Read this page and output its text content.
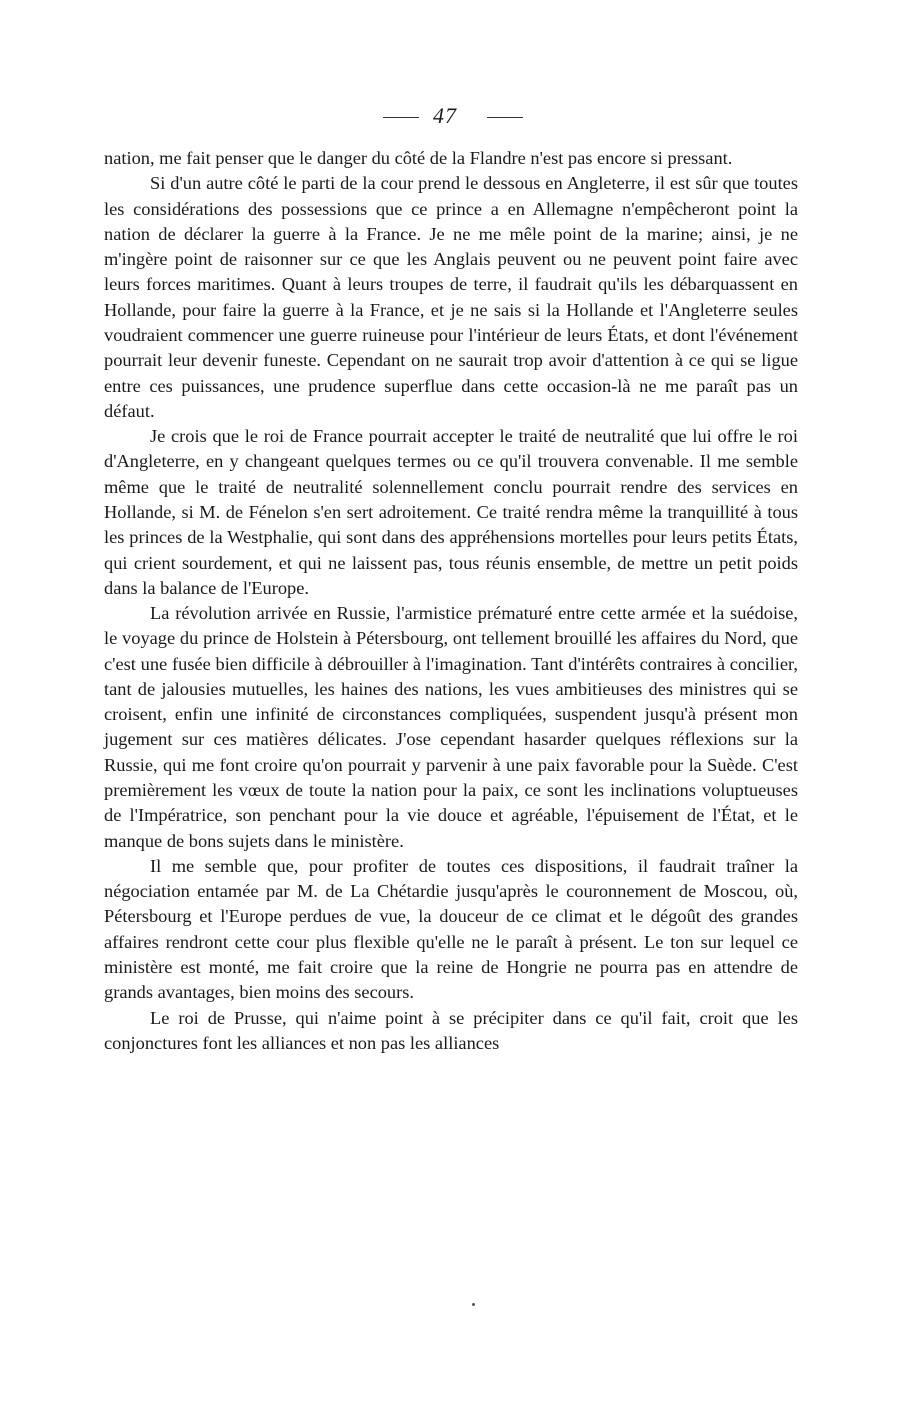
47

nation, me fait penser que le danger du côté de la Flandre n'est pas encore si pressant.

Si d'un autre côté le parti de la cour prend le dessous en Angleterre, il est sûr que toutes les considérations des possessions que ce prince a en Allemagne n'empêcheront point la nation de déclarer la guerre à la France. Je ne me mêle point de la marine; ainsi, je ne m'ingère point de raisonner sur ce que les Anglais peuvent ou ne peuvent point faire avec leurs forces maritimes. Quant à leurs troupes de terre, il faudrait qu'ils les débarquassent en Hollande, pour faire la guerre à la France, et je ne sais si la Hollande et l'Angleterre seules voudraient commencer une guerre ruineuse pour l'intérieur de leurs États, et dont l'événement pourrait leur devenir funeste. Cependant on ne saurait trop avoir d'attention à ce qui se ligue entre ces puissances, une prudence superflue dans cette occasion-là ne me paraît pas un défaut.

Je crois que le roi de France pourrait accepter le traité de neutralité que lui offre le roi d'Angleterre, en y changeant quelques termes ou ce qu'il trouvera convenable. Il me semble même que le traité de neutralité solennellement conclu pourrait rendre des services en Hollande, si M. de Fénelon s'en sert adroitement. Ce traité rendra même la tranquillité à tous les princes de la Westphalie, qui sont dans des appréhensions mortelles pour leurs petits États, qui crient sourdement, et qui ne laissent pas, tous réunis ensemble, de mettre un petit poids dans la balance de l'Europe.

La révolution arrivée en Russie, l'armistice prématuré entre cette armée et la suédoise, le voyage du prince de Holstein à Pétersbourg, ont tellement brouillé les affaires du Nord, que c'est une fusée bien difficile à débrouiller à l'imagination. Tant d'intérêts contraires à concilier, tant de jalousies mutuelles, les haines des nations, les vues ambitieuses des ministres qui se croisent, enfin une infinité de circonstances compliquées, suspendent jusqu'à présent mon jugement sur ces matières délicates. J'ose cependant hasarder quelques réflexions sur la Russie, qui me font croire qu'on pourrait y parvenir à une paix favorable pour la Suède. C'est premièrement les vœux de toute la nation pour la paix, ce sont les inclinations voluptueuses de l'Impératrice, son penchant pour la vie douce et agréable, l'épuisement de l'État, et le manque de bons sujets dans le ministère.

Il me semble que, pour profiter de toutes ces dispositions, il faudrait traîner la négociation entamée par M. de La Chétardie jusqu'après le couronnement de Moscou, où, Pétersbourg et l'Europe perdues de vue, la douceur de ce climat et le dégoût des grandes affaires rendront cette cour plus flexible qu'elle ne le paraît à présent. Le ton sur lequel ce ministère est monté, me fait croire que la reine de Hongrie ne pourra pas en attendre de grands avantages, bien moins des secours.

Le roi de Prusse, qui n'aime point à se précipiter dans ce qu'il fait, croit que les conjonctures font les alliances et non pas les alliances
